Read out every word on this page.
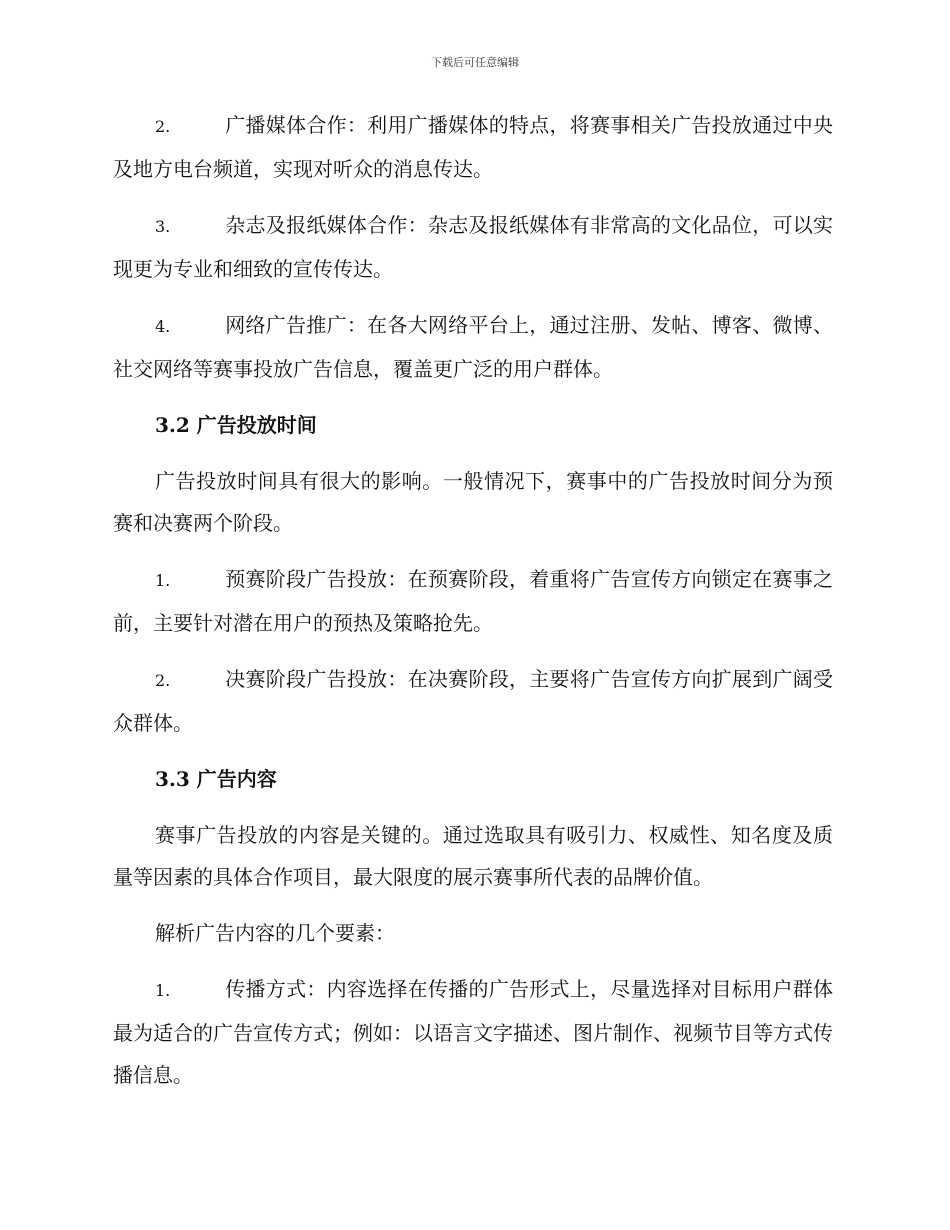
下载后可任意编辑

2.	广播媒体合作：利用广播媒体的特点，将赛事相关广告投放通过中央及地方电台频道，实现对听众的消息传达。

3.	杂志及报纸媒体合作：杂志及报纸媒体有非常高的文化品位，可以实现更为专业和细致的宣传传达。

4.	网络广告推广：在各大网络平台上，通过注册、发帖、博客、微博、社交网络等赛事投放广告信息，覆盖更广泛的用户群体。

3.2 广告投放时间

广告投放时间具有很大的影响。一般情况下，赛事中的广告投放时间分为预赛和决赛两个阶段。

1.	预赛阶段广告投放：在预赛阶段，着重将广告宣传方向锁定在赛事之前，主要针对潜在用户的预热及策略抢先。

2.	决赛阶段广告投放：在决赛阶段，主要将广告宣传方向扩展到广阔受众群体。

3.3 广告内容

赛事广告投放的内容是关键的。通过选取具有吸引力、权威性、知名度及质量等因素的具体合作项目，最大限度的展示赛事所代表的品牌价值。

解析广告内容的几个要素：

1.	传播方式：内容选择在传播的广告形式上，尽量选择对目标用户群体最为适合的广告宣传方式；例如：以语言文字描述、图片制作、视频节目等方式传播信息。
